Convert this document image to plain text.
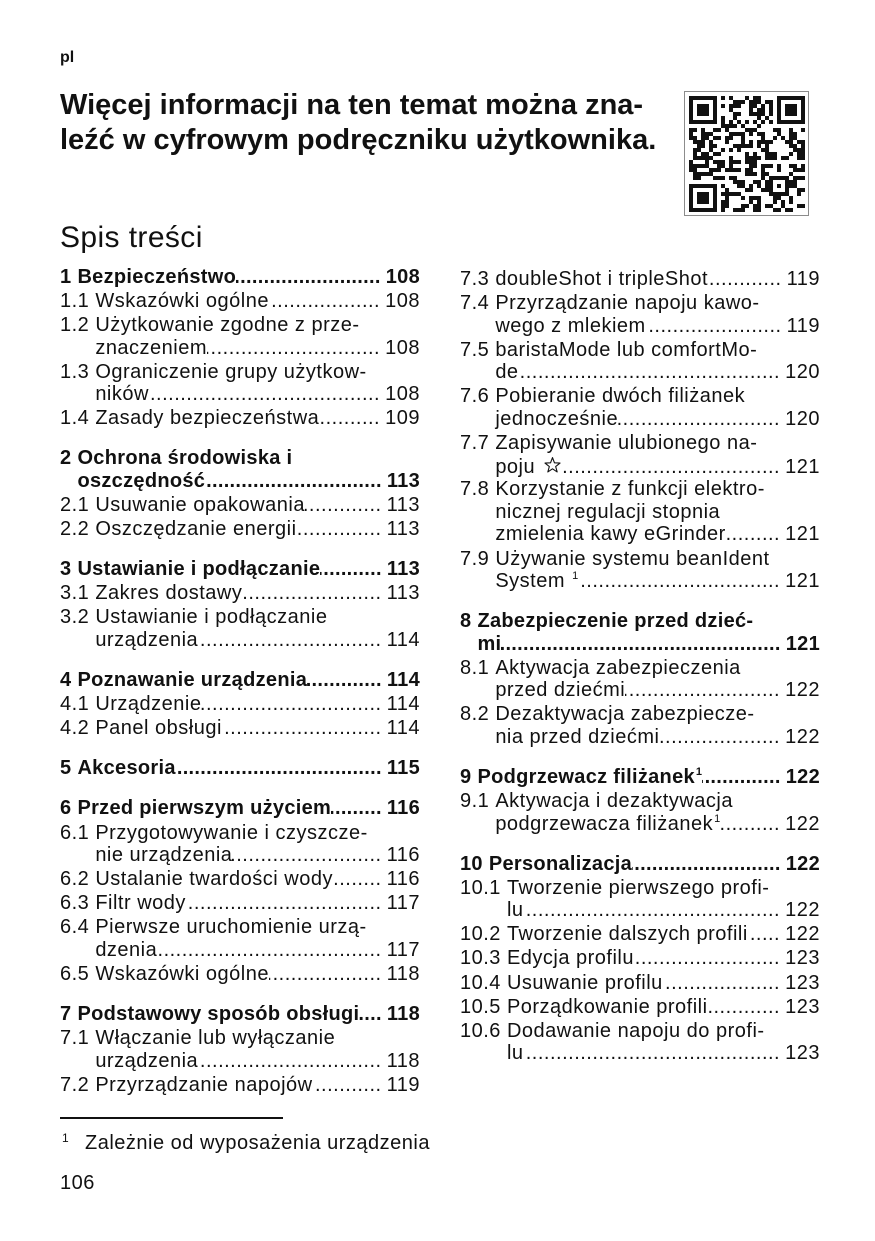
pl
Więcej informacji na ten temat można zna-
leźć w cyfrowym podręczniku użytkownika.
Spis treści
1 Bezpieczeństwo .....	108
1.1 Wskazówki ogólne .....	108
1.2 Użytkowanie zgodne z prze-
znaczeniem .....	108
1.3 Ograniczenie grupy użytkow-
ników .....	108
1.4 Zasady bezpieczeństwa .....	109
2 Ochrona środowiska i
oszczędność .....	113
2.1 Usuwanie opakowania .....	113
2.2 Oszczędzanie energii .....	113
3 Ustawianie i podłączanie .....	113
3.1 Zakres dostawy .....	113
3.2 Ustawianie i podłączanie
urządzenia .....	114
4 Poznawanie urządzenia .....	114
4.1 Urządzenie .....	114
4.2 Panel obsługi .....	114
5 Akcesoria .....	115
6 Przed pierwszym użyciem .....	116
6.1 Przygotowywanie i czyszcze-
nie urządzenia .....	116
6.2 Ustalanie twardości wody .....	116
6.3 Filtr wody .....	117
6.4 Pierwsze uruchomienie urzą-
dzenia .....	117
6.5 Wskazówki ogólne .....	118
7 Podstawowy sposób obsługi ..... 118
7.1 Włączanie lub wyłączanie
urządzenia .....	118
7.2 Przyrządzanie napojów .....	119
7.3 doubleShot i tripleShot .....	119
7.4 Przyrządzanie napoju kawo-
wego z mlekiem .....	119
7.5 baristaMode lub comfortMo-
de .....	120
7.6 Pobieranie dwóch filiżanek
jednocześnie .....	120
7.7 Zapisywanie ulubionego na-
poju .....	121
7.8 Korzystanie z funkcji elektro-
nicznej regulacji stopnia
zmielenia kawy eGrinder .....	121
7.9 Używanie systemu beanIdent
System 1 .....	121
8 Zabezpieczenie przed dzieć-
mi .....	121
8.1 Aktywacja zabezpieczenia
przed dziećmi .....	122
8.2 Dezaktywacja zabezpiecze-
nia przed dziećmi .....	122
9 Podgrzewacz filiżanek 1 .....	122
9.1 Aktywacja i dezaktywacja
podgrzewacza filiżanek 1 .....	122
10 Personalizacja .....	122
10.1 Tworzenie pierwszego profi-
lu .....	122
10.2 Tworzenie dalszych profili ..... 122
10.3 Edycja profilu .....	123
10.4 Usuwanie profilu .....	123
10.5 Porządkowanie profili .....	123
10.6 Dodawanie napoju do profi-
lu .....	123
1 Zależnie od wyposażenia urządzenia
106
